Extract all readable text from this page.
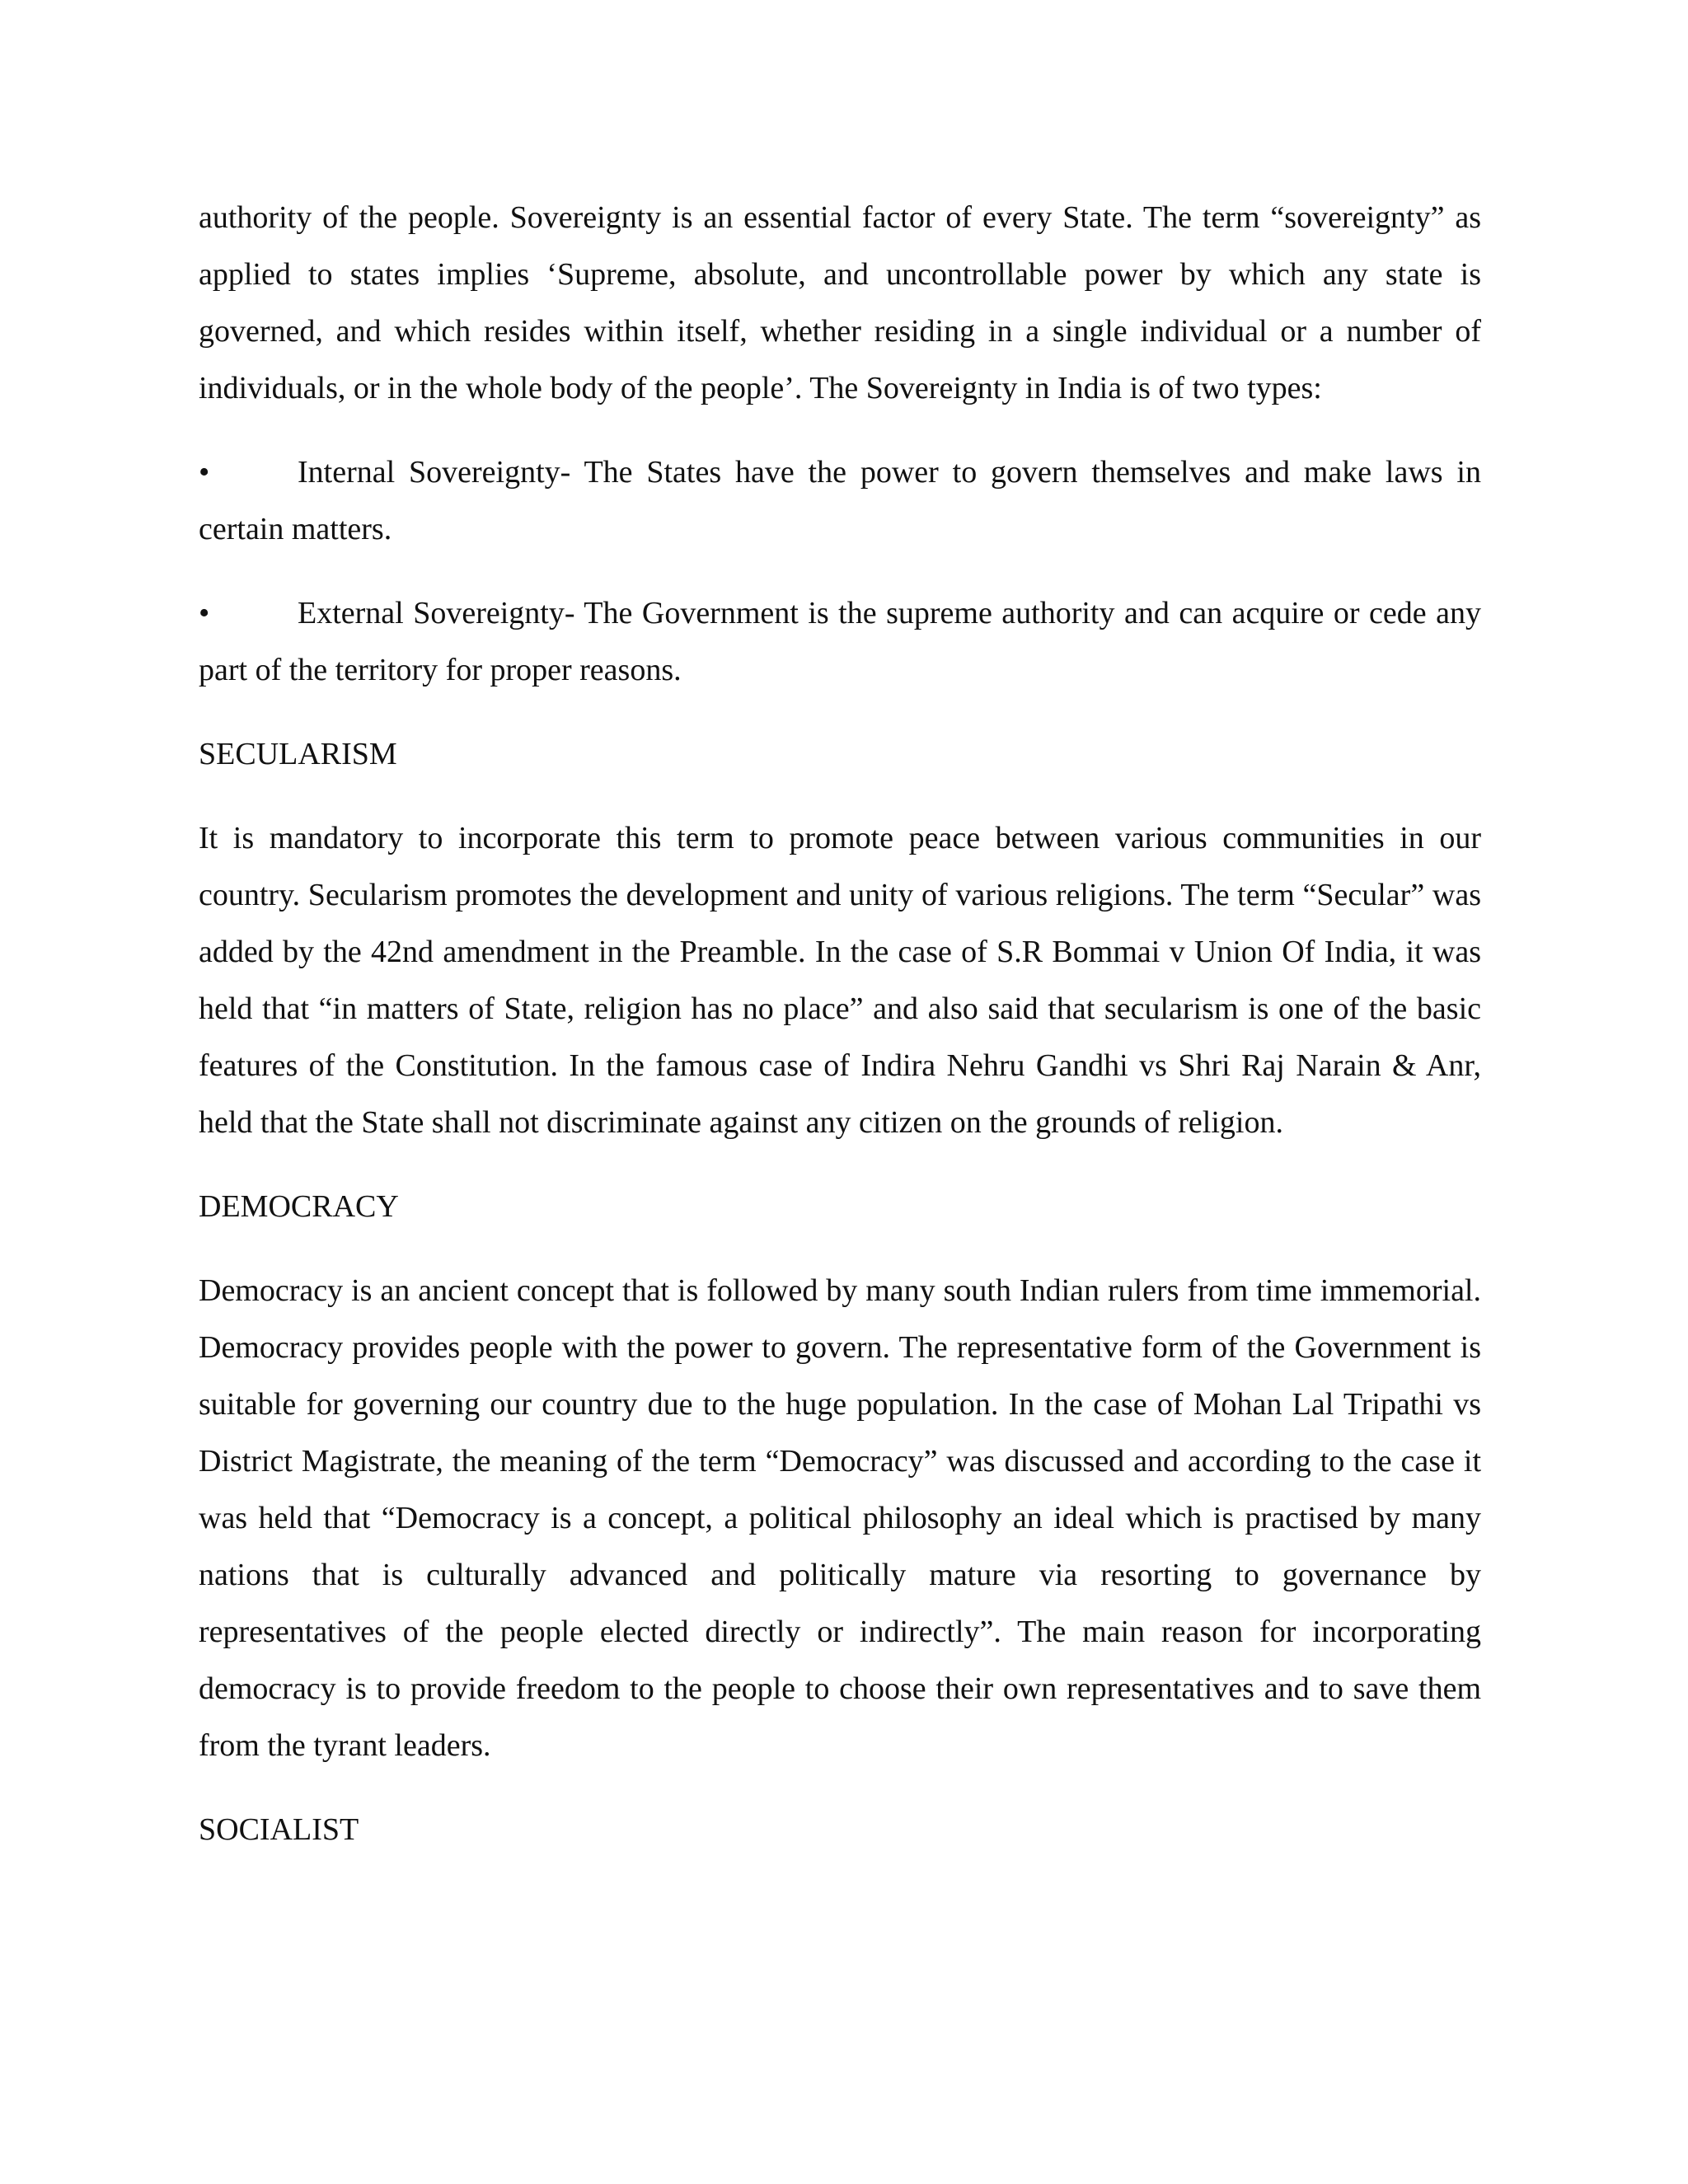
authority of the people. Sovereignty is an essential factor of every State. The term “sovereignty” as applied to states implies ‘Supreme, absolute, and uncontrollable power by which any state is governed, and which resides within itself, whether residing in a single individual or a number of individuals, or in the whole body of the people’. The Sovereignty in India is of two types:

•	Internal Sovereignty- The States have the power to govern themselves and make laws in certain matters.

•	External Sovereignty- The Government is the supreme authority and can acquire or cede any part of the territory for proper reasons.

SECULARISM

It is mandatory to incorporate this term to promote peace between various communities in our country. Secularism promotes the development and unity of various religions. The term “Secular” was added by the 42nd amendment in the Preamble. In the case of S.R Bommai v Union Of India, it was held that “in matters of State, religion has no place” and also said that secularism is one of the basic features of the Constitution. In the famous case of Indira Nehru Gandhi vs Shri Raj Narain & Anr, held that the State shall not discriminate against any citizen on the grounds of religion.

DEMOCRACY

Democracy is an ancient concept that is followed by many south Indian rulers from time immemorial. Democracy provides people with the power to govern. The representative form of the Government is suitable for governing our country due to the huge population. In the case of Mohan Lal Tripathi vs District Magistrate, the meaning of the term “Democracy” was discussed and according to the case it was held that “Democracy is a concept, a political philosophy an ideal which is practised by many nations that is culturally advanced and politically mature via resorting to governance by representatives of the people elected directly or indirectly”. The main reason for incorporating democracy is to provide freedom to the people to choose their own representatives and to save them from the tyrant leaders.

SOCIALIST
